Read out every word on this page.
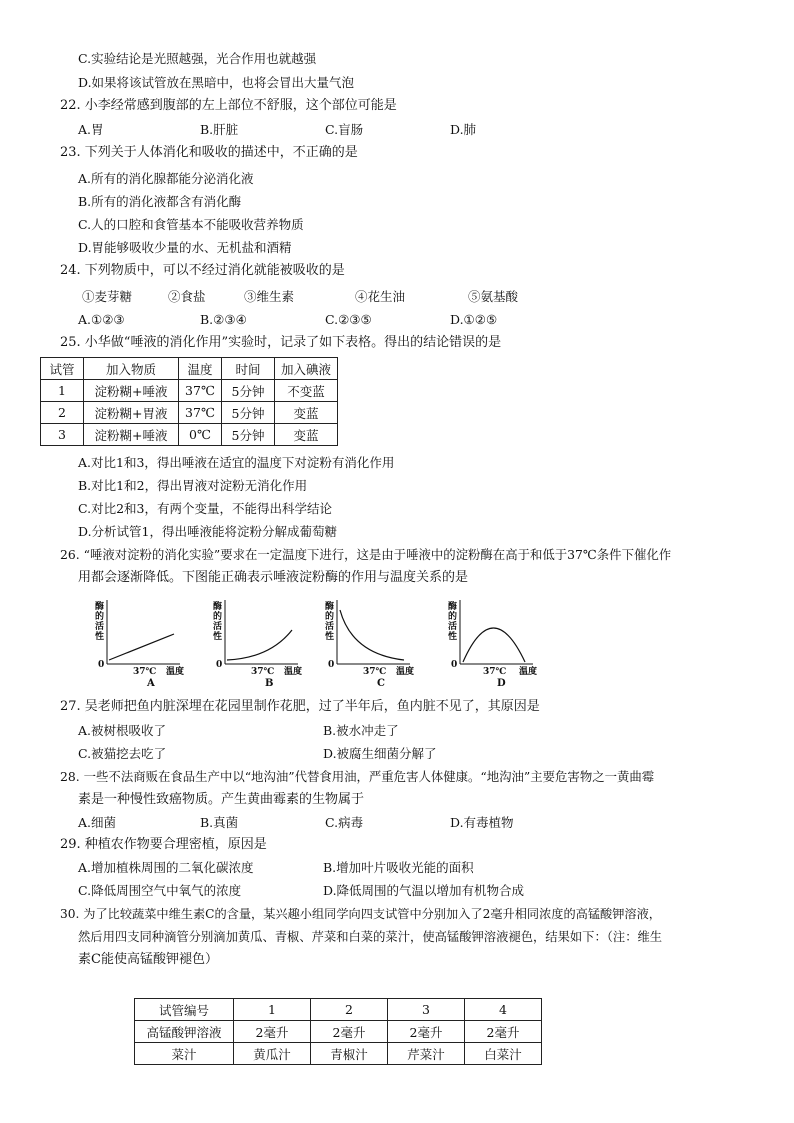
C.实验结论是光照越强，光合作用也就越强
D.如果将该试管放在黑暗中，也将会冒出大量气泡
22. 小李经常感到腹部的左上部位不舒服，这个部位可能是
A.胃	B.肝脏	C.盲肠	D.肺
23. 下列关于人体消化和吸收的描述中，不正确的是
A.所有的消化腺都能分泌消化液
B.所有的消化液都含有消化酶
C.人的口腔和食管基本不能吸收营养物质
D.胃能够吸收少量的水、无机盐和酒精
24. 下列物质中，可以不经过消化就能被吸收的是
①麦芽糖	②食盐	③维生素	④花生油	⑤氨基酸
A.①②③	B.②③④	C.②③⑤	D.①②⑤
25. 小华做“唾液的消化作用”实验时，记录了如下表格。得出的结论错误的是
试管	加入物质	温度	时间	加入碘液
1	淀粉糊+唾液	37℃	5分钟	不变蓝
2	淀粉糊+胃液	37℃	5分钟	变蓝
3	淀粉糊+唾液	0℃	5分钟	变蓝
A.对比1和3，得出唾液在适宜的温度下对淀粉有消化作用
B.对比1和2，得出胃液对淀粉无消化作用
C.对比2和3，有两个变量，不能得出科学结论
D.分析试管1，得出唾液能将淀粉分解成葡萄糖
26. “唾液对淀粉的消化实验”要求在一定温度下进行，这是由于唾液中的淀粉酶在高于和低于37℃条件下催化作
用都会逐渐降低。下图能正确表示唾液淀粉酶的作用与温度关系的是
酶的活性
0
37℃ 温度
A
酶的活性
0
37℃ 温度
B
酶的活性
0
37℃ 温度
C
酶的活性
0
37℃ 温度
D
27. 吴老师把鱼内脏深埋在花园里制作花肥，过了半年后，鱼内脏不见了，其原因是
A.被树根吸收了	B.被水冲走了
C.被猫挖去吃了	D.被腐生细菌分解了
28. 一些不法商贩在食品生产中以“地沟油”代替食用油，严重危害人体健康。“地沟油”主要危害物之一黄曲霉
素是一种慢性致癌物质。产生黄曲霉素的生物属于
A.细菌	B.真菌	C.病毒	D.有毒植物
29. 种植农作物要合理密植，原因是
A.增加植株周围的二氧化碳浓度	B.增加叶片吸收光能的面积
C.降低周围空气中氧气的浓度	D.降低周围的气温以增加有机物合成
30. 为了比较蔬菜中维生素C的含量，某兴趣小组同学向四支试管中分别加入了2毫升相同浓度的高锰酸钾溶液，
然后用四支同种滴管分别滴加黄瓜、青椒、芹菜和白菜的菜汁，使高锰酸钾溶液褪色，结果如下：（注：维生
素C能使高锰酸钾褪色）
试管编号	1	2	3	4
高锰酸钾溶液	2毫升	2毫升	2毫升	2毫升
菜汁	黄瓜汁	青椒汁	芹菜汁	白菜汁
